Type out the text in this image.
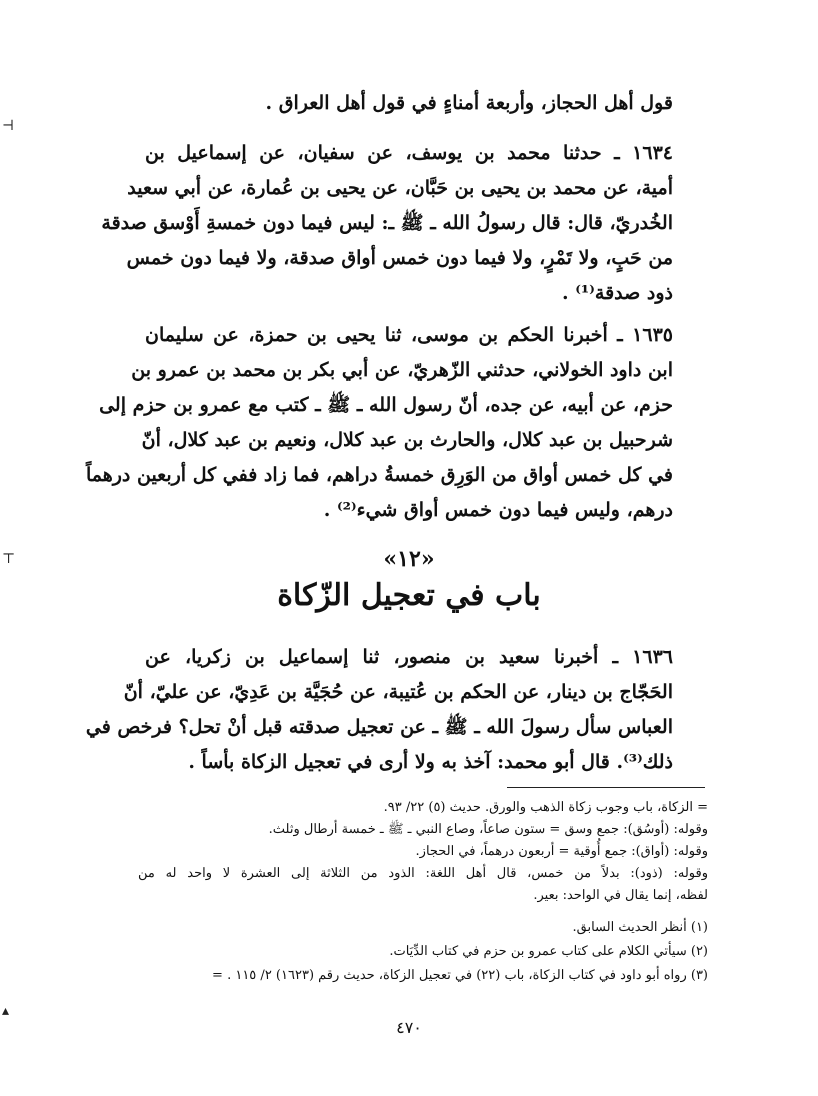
قول أهل الحجاز، وأربعة أمناءٍ في قول أهل العراق .
١٦٣٤ ـ حدثنا محمد بن يوسف، عن سفيان، عن إسماعيل بن
أمية، عن محمد بن يحيى بن حَبَّان، عن يحيى بن عُمارة، عن أبي سعيد
الخُدريّ، قال: قال رسولُ الله ـ ﷺ ـ: ليس فيما دون خمسةِ أَوْسق صدقة
من حَبٍ، ولا تَمْرٍ، ولا فيما دون خمس أواق صدقة، ولا فيما دون خمس
ذود صدقة⁽¹⁾ .
١٦٣٥ ـ أخبرنا الحكم بن موسى، ثنا يحيى بن حمزة، عن سليمان
ابن داود الخولاني، حدثني الزّهريّ، عن أبي بكر بن محمد بن عمرو بن
حزم، عن أبيه، عن جده، أنّ رسول الله ـ ﷺ ـ كتب مع عمرو بن حزم إلى
شرحبيل بن عبد كلال، والحارث بن عبد كلال، ونعيم بن عبد كلال، أنّ
في كل خمس أواق من الوَرِق خمسةُ دراهم، فما زاد ففي كل أربعين درهماً
درهم، وليس فيما دون خمس أواق شيء⁽²⁾ .
«١٢»
باب في تعجيل الزّكاة
١٦٣٦ ـ أخبرنا سعيد بن منصور، ثنا إسماعيل بن زكريا، عن
الحَجّاج بن دينار، عن الحكم بن عُتيبة، عن حُجَيَّة بن عَدِيّ، عن عليّ، أنّ
العباس سأل رسولَ الله ـ ﷺ ـ عن تعجيل صدقته قبل أنْ تحل؟ فرخص في
ذلك⁽³⁾. قال أبو محمد: آخذ به ولا أرى في تعجيل الزكاة بأساً .
= الزكاة، باب وجوب زكاة الذهب والورق. حديث (٥) ٢٢/ ٩٣.
وقوله: (أوسُق): جمع وسق = ستون صاعاً، وصاع النبي ـ ﷺ ـ خمسة أرطال وثلث.
وقوله: (أواق): جمع أُوقية = أربعون درهماً، في الحجاز.
وقوله: (ذود): بدلاً من خمس، قال أهل اللغة: الذود من الثلاثة إلى العشرة لا واحد له من
لفظه، إنما يقال في الواحد: بعير.
(١) أنظر الحديث السابق.
(٢) سيأتي الكلام على كتاب عمرو بن حزم في كتاب الدِّيَات.
(٣) رواه أبو داود في كتاب الزكاة، باب (٢٢) في تعجيل الزكاة، حديث رقم (١٦٢٣) ٢/ ١١٥ . =
٤٧٠
⊣
⊤
▴
